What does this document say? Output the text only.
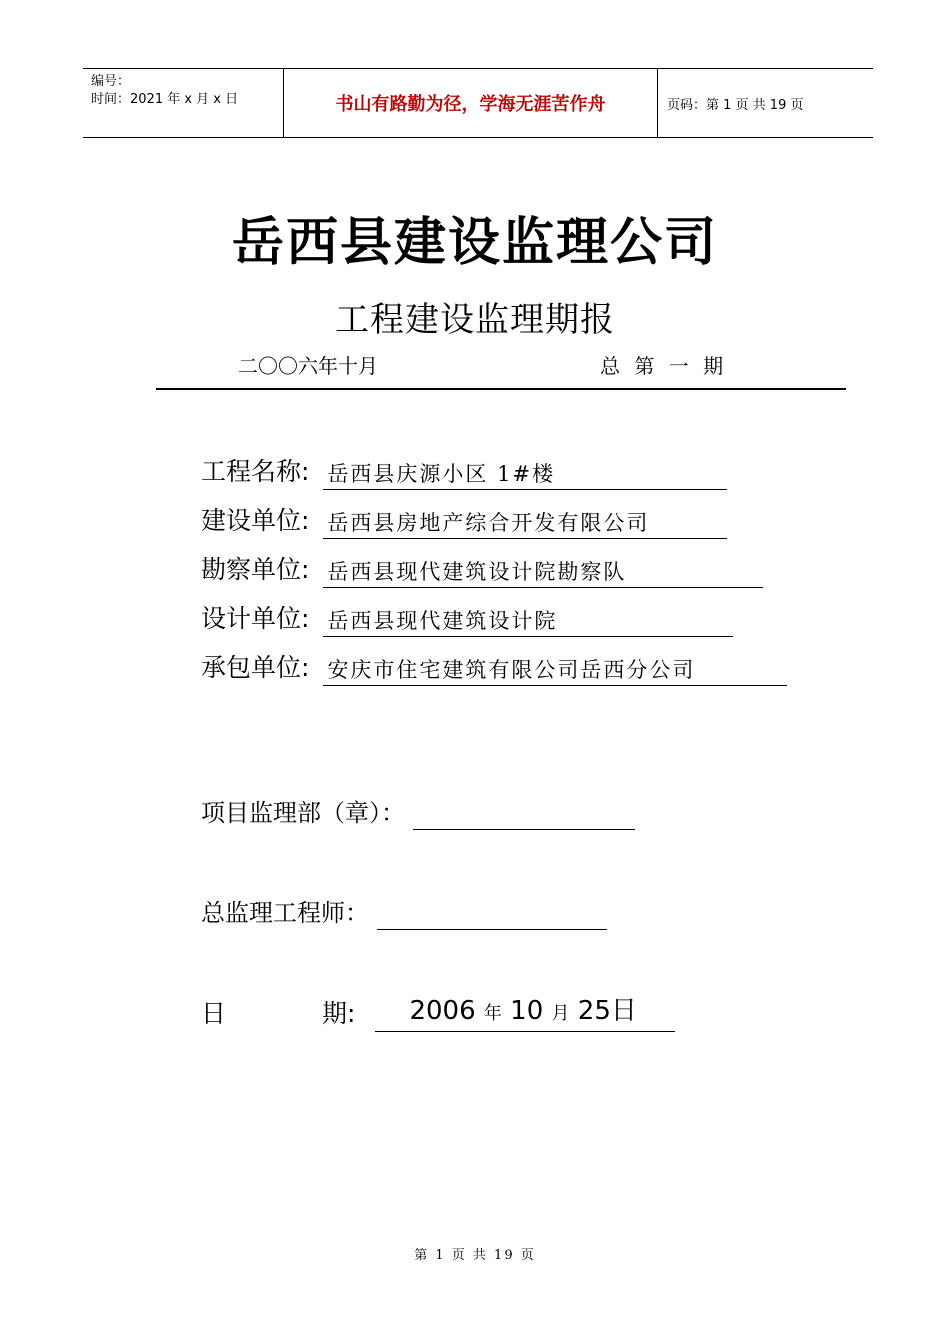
编号：
时间：2021 年 x 月 x 日	书山有路勤为径，学海无涯苦作舟	页码：第 1 页 共 19 页
岳西县建设监理公司
工程建设监理期报
二〇〇六年十月	总 第 一 期
工程名称: 岳西县庆源小区 1#楼
建设单位: 岳西县房地产综合开发有限公司
勘察单位: 岳西县现代建筑设计院勘察队
设计单位: 岳西县现代建筑设计院
承包单位: 安庆市住宅建筑有限公司岳西分公司
项目监理部（章）：
总监理工程师：
日	期:	2006 年 10 月 25日
第 1 页 共 19 页
